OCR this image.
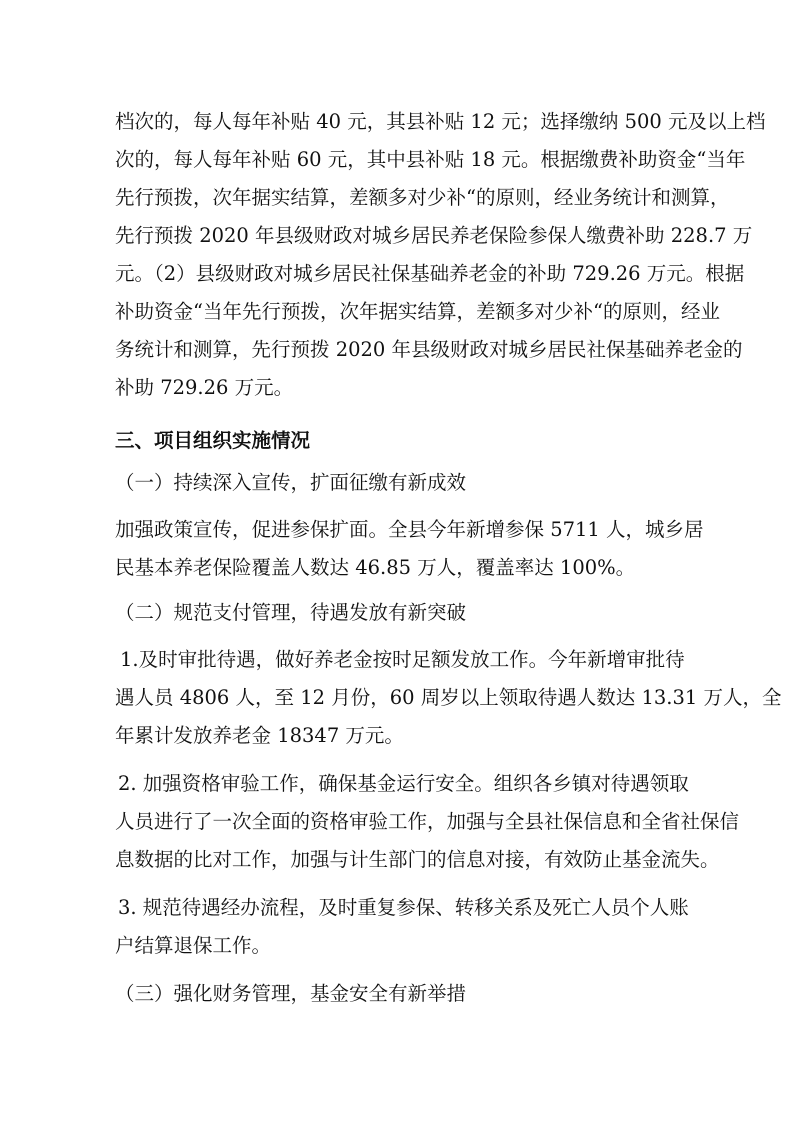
档次的，每人每年补贴 40 元，其县补贴 12 元；选择缴纳 500 元及以上档

次的，每人每年补贴 60 元，其中县补贴 18 元。根据缴费补助资金“当年

先行预拨，次年据实结算，差额多对少补“的原则，经业务统计和测算，

先行预拨 2020 年县级财政对城乡居民养老保险参保人缴费补助 228.7 万

元。（2）县级财政对城乡居民社保基础养老金的补助 729.26 万元。根据

补助资金“当年先行预拨，次年据实结算，差额多对少补“的原则，经业

务统计和测算，先行预拨 2020 年县级财政对城乡居民社保基础养老金的

补助 729.26 万元。

三、项目组织实施情况

（一）持续深入宣传，扩面征缴有新成效

加强政策宣传，促进参保扩面。全县今年新增参保 5711 人，城乡居

民基本养老保险覆盖人数达 46.85 万人，覆盖率达 100%。

（二）规范支付管理，待遇发放有新突破

1.及时审批待遇，做好养老金按时足额发放工作。今年新增审批待

遇人员 4806 人，至 12 月份，60 周岁以上领取待遇人数达 13.31 万人，全

年累计发放养老金 18347 万元。

2. 加强资格审验工作，确保基金运行安全。组织各乡镇对待遇领取

人员进行了一次全面的资格审验工作，加强与全县社保信息和全省社保信

息数据的比对工作，加强与计生部门的信息对接，有效防止基金流失。

3. 规范待遇经办流程，及时重复参保、转移关系及死亡人员个人账

户结算退保工作。

（三）强化财务管理，基金安全有新举措
